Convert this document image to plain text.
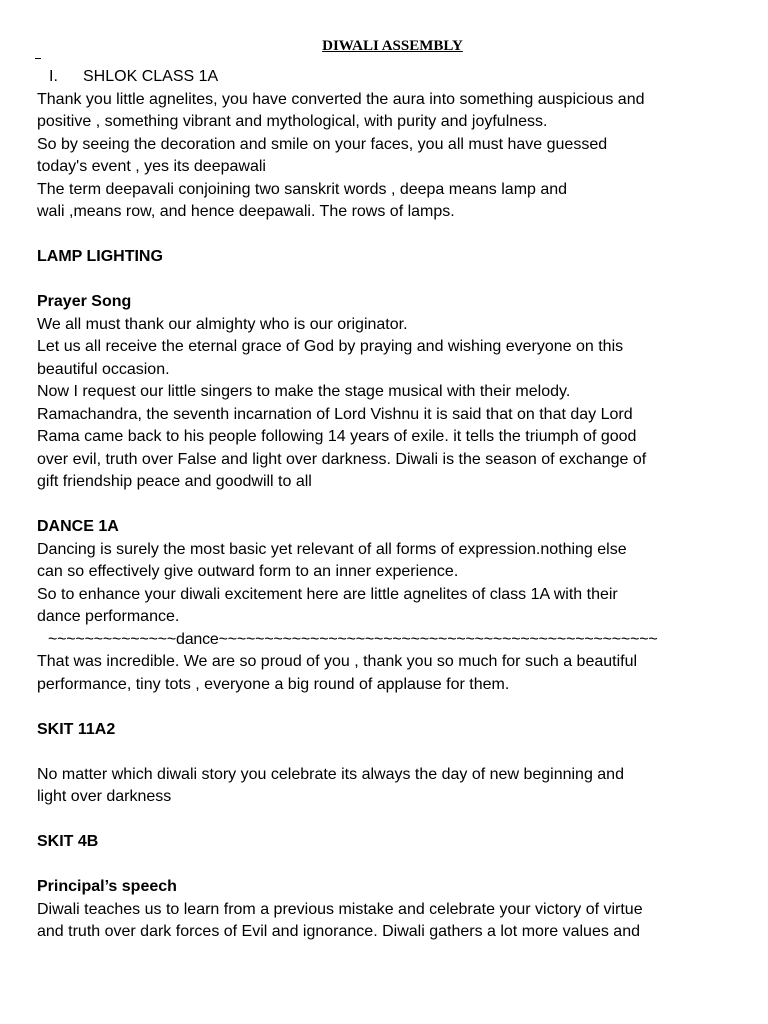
DIWALI ASSEMBLY
I.	SHLOK CLASS 1A

Thank you little agnelites, you have converted the aura into something auspicious and

positive , something vibrant and mythological, with purity and joyfulness.

So by seeing the decoration and smile on your faces, you all must have guessed

today's event , yes its deepawali

The term deepavali conjoining two sanskrit words , deepa means lamp and

wali ,means row, and hence deepawali. The rows of lamps.

LAMP LIGHTING

Prayer Song

We all must thank our almighty who is our originator.

Let us all receive the eternal grace of God by praying and wishing everyone on this

beautiful occasion.

Now I request our little singers to make the stage musical with their melody.

Ramachandra, the seventh incarnation of Lord Vishnu it is said that on that day Lord

Rama came back to his people following 14 years of exile. it tells the triumph of good

over evil, truth over False and light over darkness. Diwali is the season of exchange of

gift friendship peace and goodwill to all

DANCE 1A

Dancing is surely the most basic yet relevant of all forms of expression.nothing else

can so effectively give outward form to an inner experience.

So to enhance your diwali excitement here are little agnelites of class 1A with their

dance performance.

~~~~~~~~~~~~~~dance~~~~~~~~~~~~~~~~~~~~~~~~~~~~~~~~~~~~~~~~~~~~~~~~

That was incredible. We are so proud of you , thank you so much for such a beautiful

performance, tiny tots , everyone a big round of applause for them.

SKIT 11A2

No matter which diwali story you celebrate its always the day of new beginning and

light over darkness

SKIT 4B

Principal’s speech

Diwali teaches us to learn from a previous mistake and celebrate your victory of virtue

and truth over dark forces of Evil and ignorance. Diwali gathers a lot more values and
